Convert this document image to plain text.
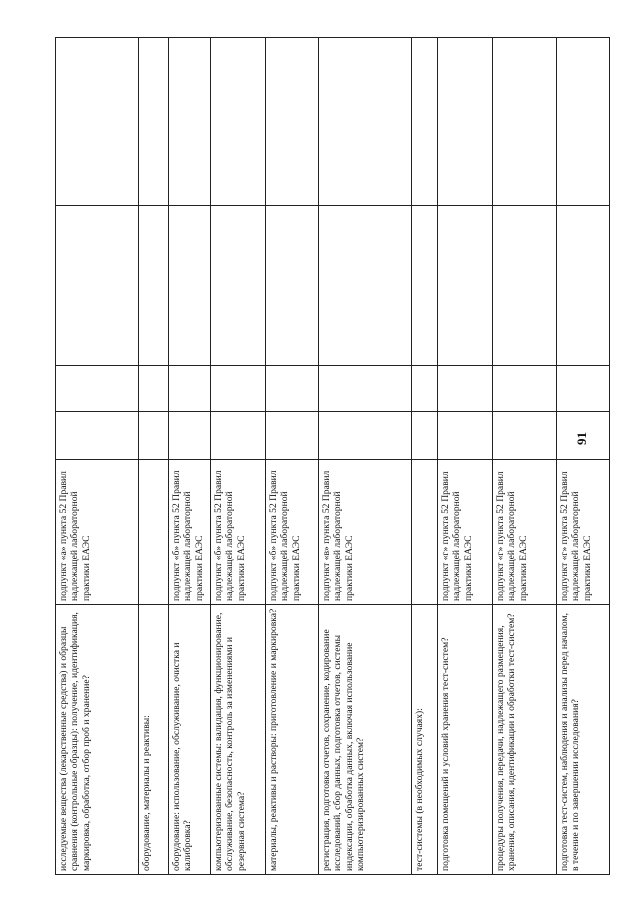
91
исследуемые вещества (лекарственные средства) и образцы сравнения (контрольные образцы): получение, идентификация, маркировка, обработка, отбор проб и хранение?	подпункт «а» пункта 52 Правил надлежащей лабораторной практики ЕАЭС				
оборудование, материалы и реактивы:					
оборудование: использование, обслуживание, очистка и калибровка?	подпункт «б» пункта 52 Правил надлежащей лабораторной практики ЕАЭС				
компьютеризованные системы: валидация, функционирование, обслуживание, безопасность, контроль за изменениями и резервная система?	подпункт «б» пункта 52 Правил надлежащей лабораторной практики ЕАЭС				
материалы, реактивы и растворы: приготовление и маркировка?	подпункт «б» пункта 52 Правил надлежащей лабораторной практики ЕАЭС				
регистрация, подготовка отчетов, сохранение, кодирование исследований, сбор данных, подготовка отчетов, системы индексации, обработка данных, включая использование компьютеризированных систем?	подпункт «в» пункта 52 Правил надлежащей лабораторной практики ЕАЭС				
тест-системы (в необходимых случаях):					
подготовка помещений и условий хранения тест-систем?	подпункт «г» пункта 52 Правил надлежащей лабораторной практики ЕАЭС				
процедуры получения, передачи, надлежащего размещения, хранения, описания, идентификации и обработки тест-систем?	подпункт «г» пункта 52 Правил надлежащей лабораторной практики ЕАЭС				
подготовка тест-систем, наблюдения и анализы перед началом, в течение и по завершении исследования?	подпункт «г» пункта 52 Правил надлежащей лабораторной практики ЕАЭС				
